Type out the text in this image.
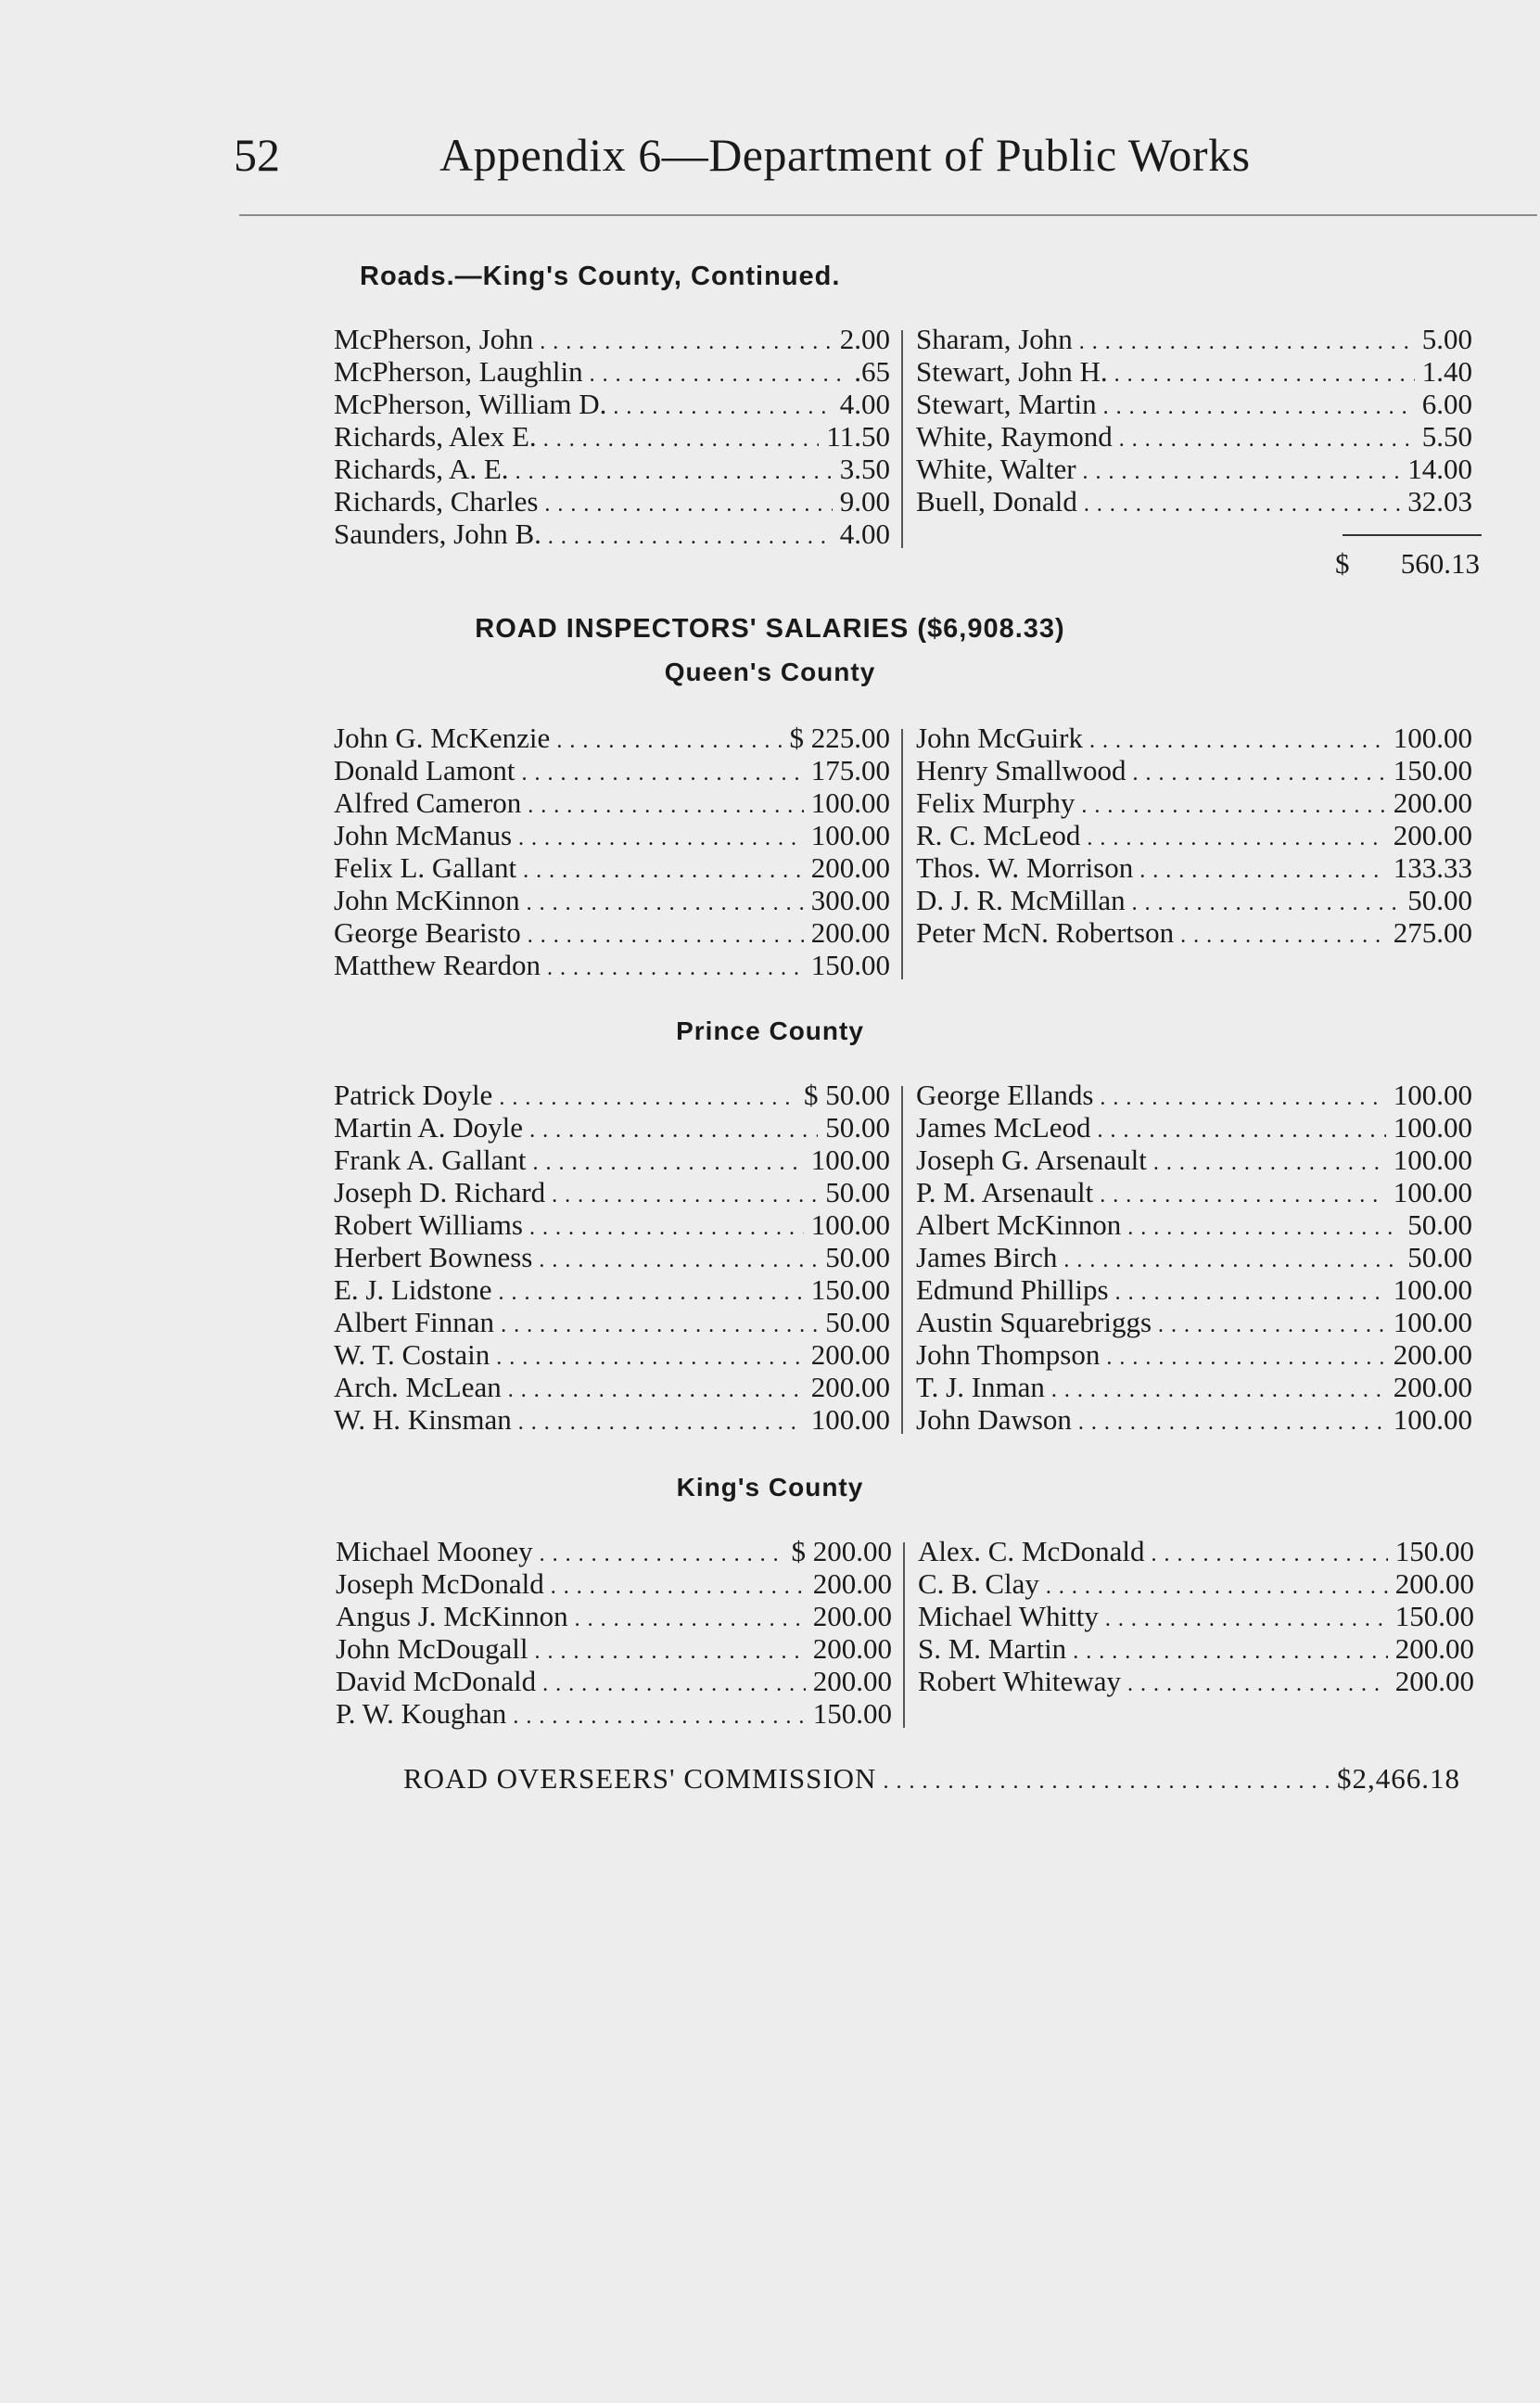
52	Appendix 6—Department of Public Works
Roads.—King's County, Continued.
McPherson, John . . .	2.00
McPherson, Laughlin . . .	.65
McPherson, William D. . . .	4.00
Richards, Alex E. . . .	11.50
Richards, A. E. . . .	3.50
Richards, Charles . . .	9.00
Saunders, John B. . . .	4.00
Sharam, John . . .	5.00
Stewart, John H. . . .	1.40
Stewart, Martin . . .	6.00
White, Raymond . . .	5.50
White, Walter . . .	14.00
Buell, Donald . . .	32.03
$ 560.13
ROAD INSPECTORS' SALARIES ($6,908.33)
Queen's County
John G. McKenzie . . .	$ 225.00
Donald Lamont . . .	175.00
Alfred Cameron . . .	100.00
John McManus . . .	100.00
Felix L. Gallant . . .	200.00
John McKinnon . . .	300.00
George Bearisto . . .	200.00
Matthew Reardon . . .	150.00
John McGuirk . . .	100.00
Henry Smallwood . . .	150.00
Felix Murphy . . .	200.00
R. C. McLeod . . .	200.00
Thos. W. Morrison . . .	133.33
D. J. R. McMillan . . .	50.00
Peter McN. Robertson . . .	275.00
Prince County
Patrick Doyle . . .	$ 50.00
Martin A. Doyle . . .	50.00
Frank A. Gallant . . .	100.00
Joseph D. Richard . . .	50.00
Robert Williams . . .	100.00
Herbert Bowness . . .	50.00
E. J. Lidstone . . .	150.00
Albert Finnan . . .	50.00
W. T. Costain . . .	200.00
Arch. McLean . . .	200.00
W. H. Kinsman . . .	100.00
George Ellands . . .	100.00
James McLeod . . .	100.00
Joseph G. Arsenault . . .	100.00
P. M. Arsenault . . .	100.00
Albert McKinnon . . .	50.00
James Birch . . .	50.00
Edmund Phillips . . .	100.00
Austin Squarebriggs . . .	100.00
John Thompson . . .	200.00
T. J. Inman . . .	200.00
John Dawson . . .	100.00
King's County
Michael Mooney . . .	$ 200.00
Joseph McDonald . . .	200.00
Angus J. McKinnon . . .	200.00
John McDougall . . .	200.00
David McDonald . . .	200.00
P. W. Koughan . . .	150.00
Alex. C. McDonald . . .	150.00
C. B. Clay . . .	200.00
Michael Whitty . . .	150.00
S. M. Martin . . .	200.00
Robert Whiteway . . .	200.00
ROAD OVERSEERS' COMMISSION . . .	$2,466.18
